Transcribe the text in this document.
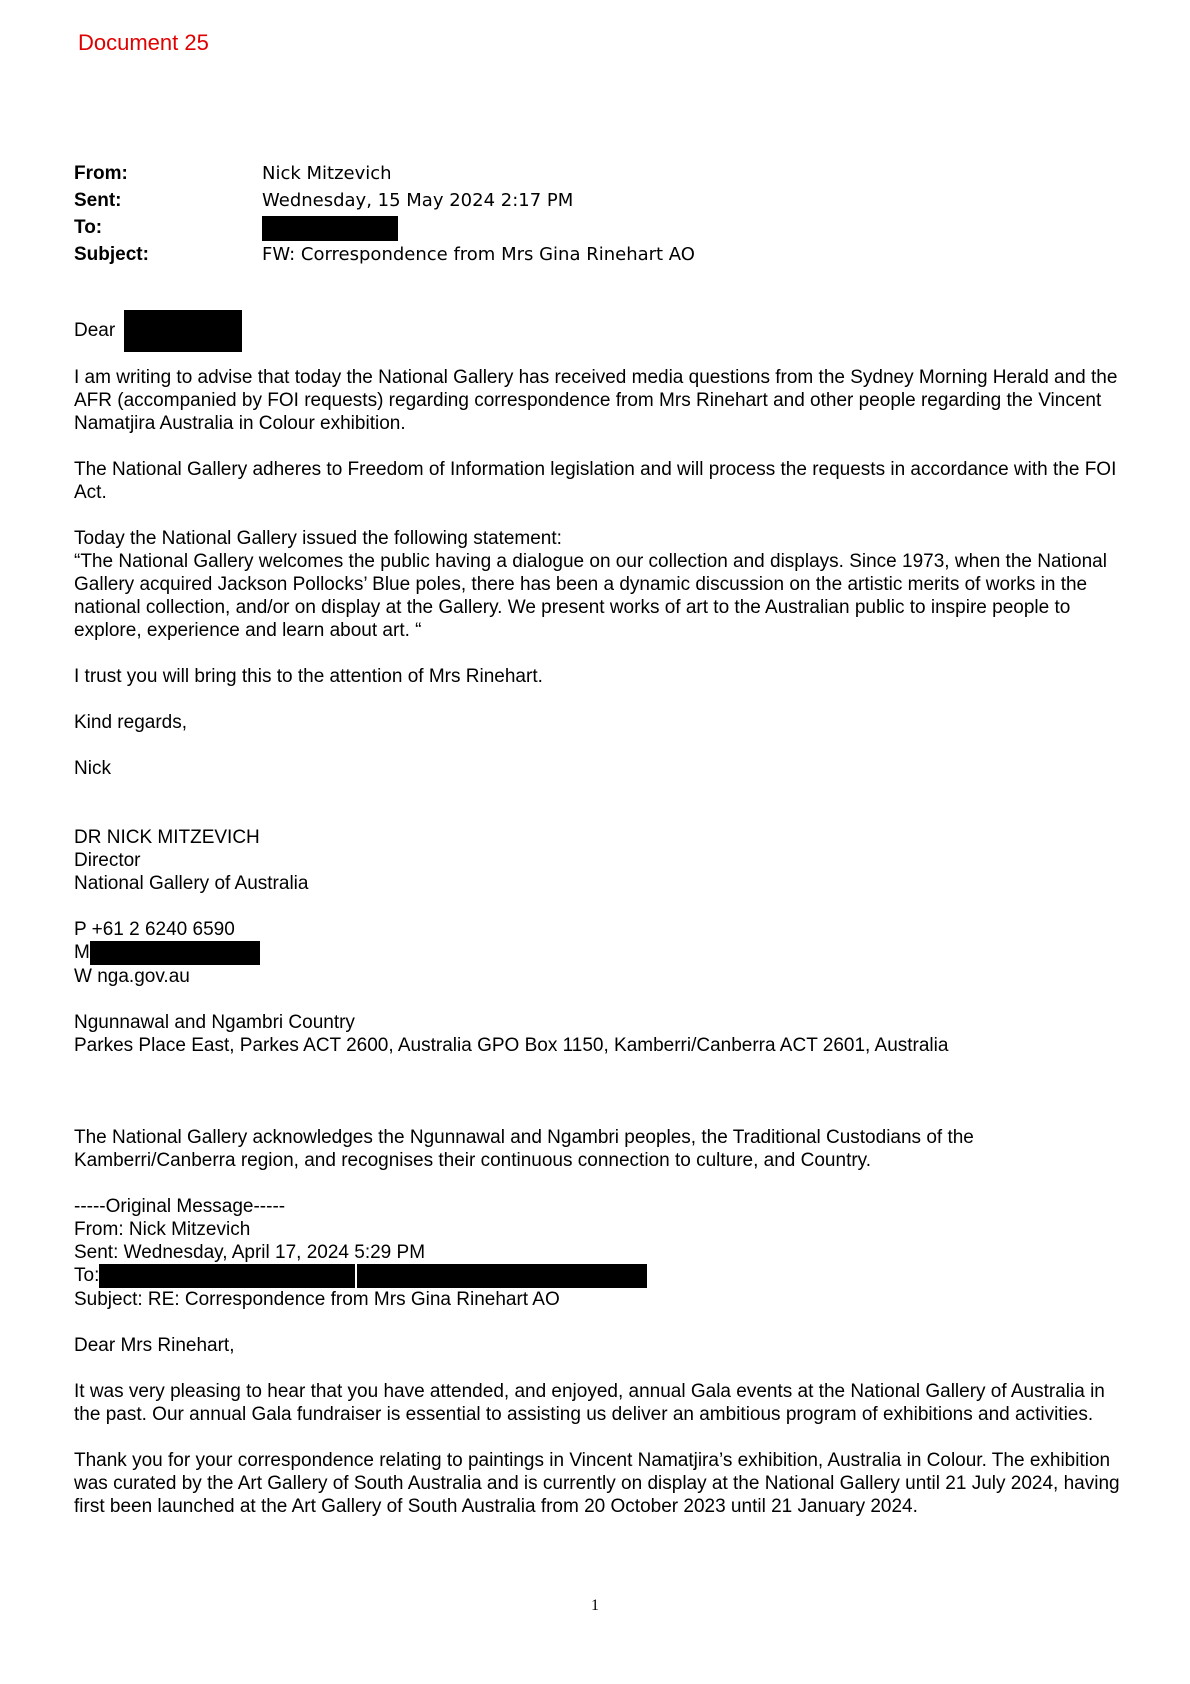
Document 25
From:	Nick Mitzevich
Sent:	Wednesday, 15 May 2024 2:17 PM
To:
Subject:	FW: Correspondence from Mrs Gina Rinehart AO

Dear

I am writing to advise that today the National Gallery has received media questions from the Sydney Morning Herald and the AFR (accompanied by FOI requests) regarding correspondence from Mrs Rinehart and other people regarding the Vincent Namatjira Australia in Colour exhibition.

The National Gallery adheres to Freedom of Information legislation and will process the requests in accordance with the FOI Act.

Today the National Gallery issued the following statement:
“The National Gallery welcomes the public having a dialogue on our collection and displays. Since 1973, when the National Gallery acquired Jackson Pollocks’ Blue poles, there has been a dynamic discussion on the artistic merits of works in the national collection, and/or on display at the Gallery. We present works of art to the Australian public to inspire people to explore, experience and learn about art. “

I trust you will bring this to the attention of Mrs Rinehart.

Kind regards,

Nick

DR NICK MITZEVICH
Director
National Gallery of Australia
P +61 2 6240 6590
M
W nga.gov.au
Ngunnawal and Ngambri Country
Parkes Place East, Parkes ACT 2600, Australia GPO Box 1150, Kamberri/Canberra ACT 2601, Australia

The National Gallery acknowledges the Ngunnawal and Ngambri peoples, the Traditional Custodians of the Kamberri/Canberra region, and recognises their continuous connection to culture, and Country.

-----Original Message-----
From: Nick Mitzevich
Sent: Wednesday, April 17, 2024 5:29 PM
To:
Subject: RE: Correspondence from Mrs Gina Rinehart AO

Dear Mrs Rinehart,

It was very pleasing to hear that you have attended, and enjoyed, annual Gala events at the National Gallery of Australia in the past. Our annual Gala fundraiser is essential to assisting us deliver an ambitious program of exhibitions and activities.

Thank you for your correspondence relating to paintings in Vincent Namatjira’s exhibition, Australia in Colour. The exhibition was curated by the Art Gallery of South Australia and is currently on display at the National Gallery until 21 July 2024, having first been launched at the Art Gallery of South Australia from 20 October 2023 until 21 January 2024.

1
